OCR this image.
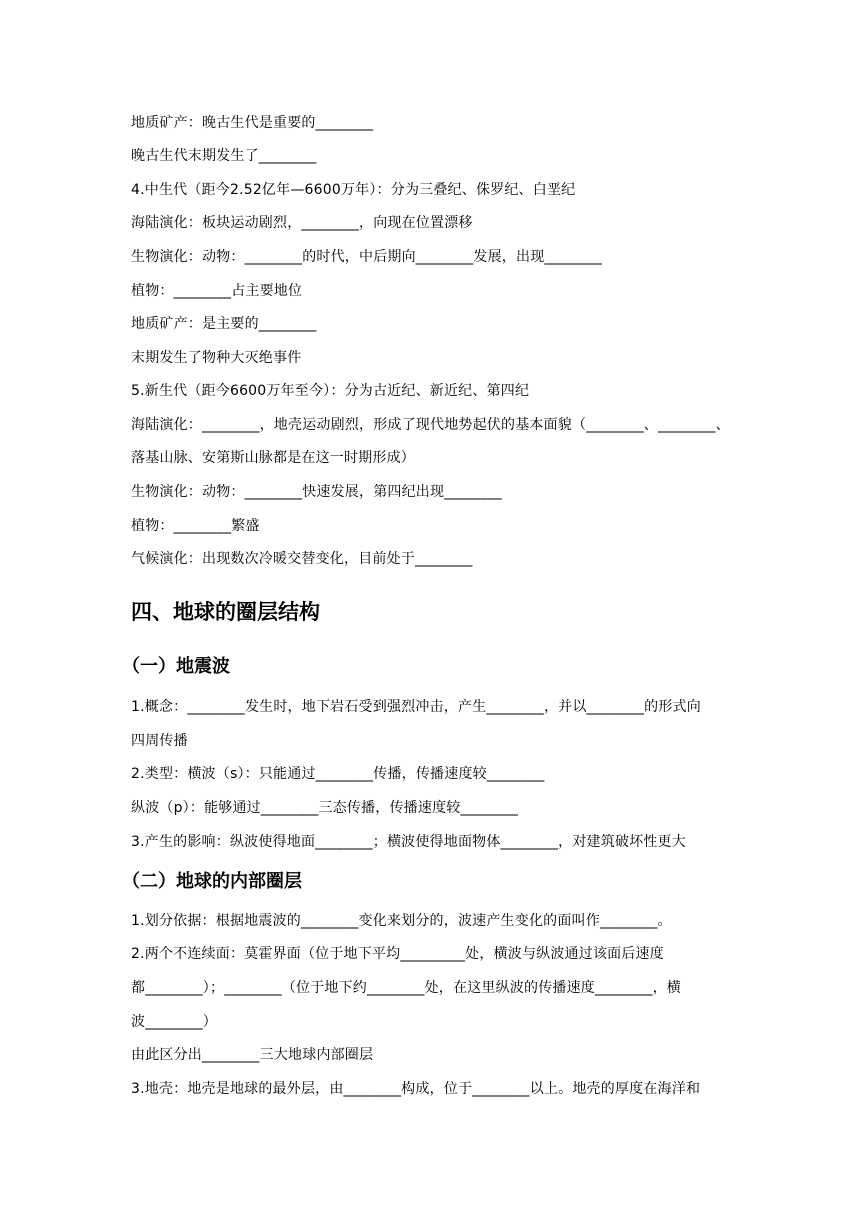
地质矿产：晚古生代是重要的________
晚古生代末期发生了________
4.中生代（距今2.52亿年—6600万年）：分为三叠纪、侏罗纪、白垩纪
海陆演化：板块运动剧烈，________，向现在位置漂移
生物演化：动物：________的时代，中后期向________发展，出现________
植物：________占主要地位
地质矿产：是主要的________
末期发生了物种大灭绝事件
5.新生代（距今6600万年至今）：分为古近纪、新近纪、第四纪
海陆演化：________，地壳运动剧烈，形成了现代地势起伏的基本面貌（________、________、
落基山脉、安第斯山脉都是在这一时期形成）
生物演化：动物：________快速发展，第四纪出现________
植物：________繁盛
气候演化：出现数次冷暖交替变化，目前处于________
四、地球的圈层结构
（一）地震波
1.概念：________发生时，地下岩石受到强烈冲击，产生________，并以________的形式向
四周传播
2.类型：横波（s）：只能通过________传播，传播速度较________
纵波（p）：能够通过________三态传播，传播速度较________
3.产生的影响：纵波使得地面________；横波使得地面物体________，对建筑破坏性更大
（二）地球的内部圈层
1.划分依据：根据地震波的________变化来划分的，波速产生变化的面叫作________。
2.两个不连续面：莫霍界面（位于地下平均_________处，横波与纵波通过该面后速度
都________）；________（位于地下约________处，在这里纵波的传播速度________，横
波________）
由此区分出________三大地球内部圈层
3.地壳：地壳是地球的最外层，由________构成，位于________以上。地壳的厚度在海洋和
